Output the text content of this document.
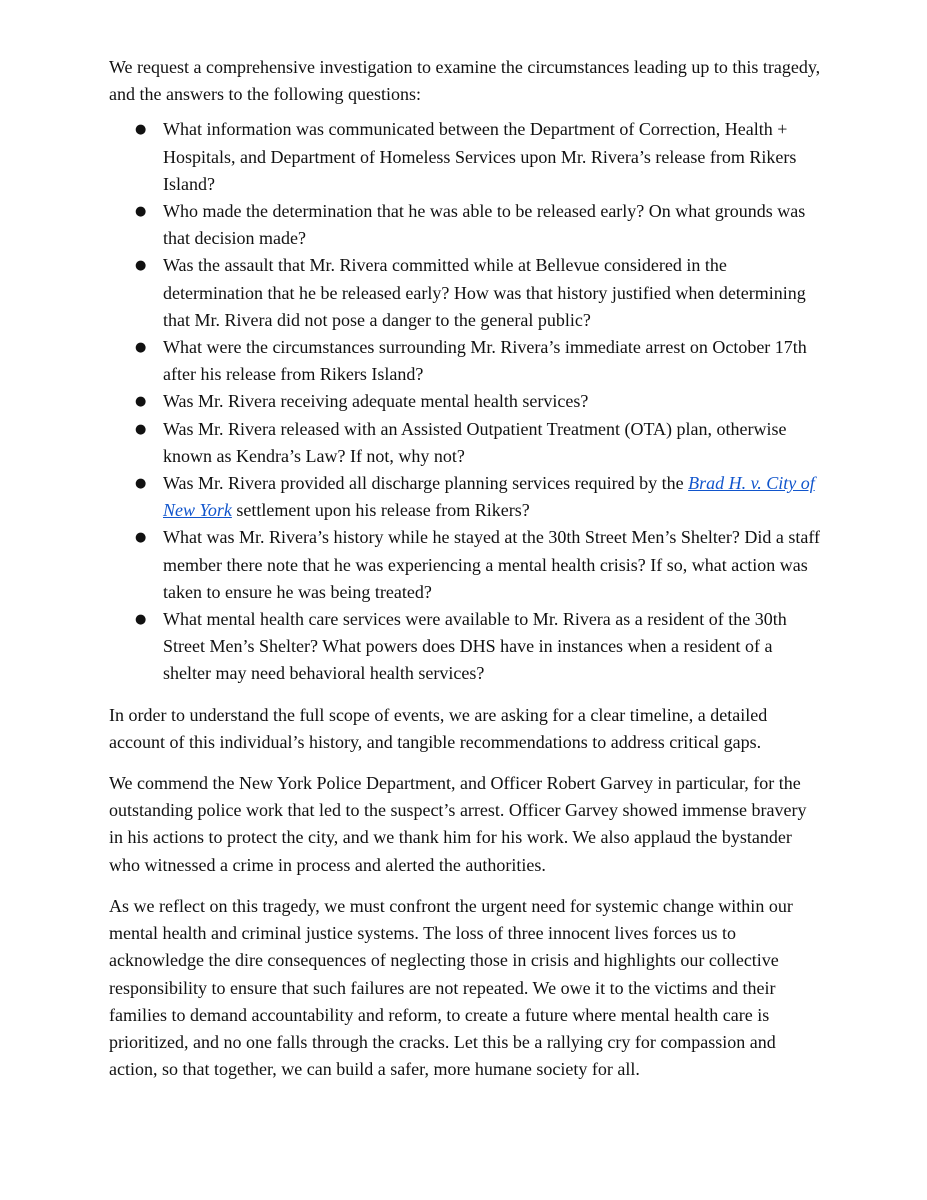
We request a comprehensive investigation to examine the circumstances leading up to this tragedy, and the answers to the following questions:

● What information was communicated between the Department of Correction, Health + Hospitals, and Department of Homeless Services upon Mr. Rivera’s release from Rikers Island?
● Who made the determination that he was able to be released early? On what grounds was that decision made?
● Was the assault that Mr. Rivera committed while at Bellevue considered in the determination that he be released early? How was that history justified when determining that Mr. Rivera did not pose a danger to the general public?
● What were the circumstances surrounding Mr. Rivera’s immediate arrest on October 17th after his release from Rikers Island?
● Was Mr. Rivera receiving adequate mental health services?
● Was Mr. Rivera released with an Assisted Outpatient Treatment (OTA) plan, otherwise known as Kendra’s Law? If not, why not?
● Was Mr. Rivera provided all discharge planning services required by the Brad H. v. City of New York settlement upon his release from Rikers?
● What was Mr. Rivera’s history while he stayed at the 30th Street Men’s Shelter? Did a staff member there note that he was experiencing a mental health crisis? If so, what action was taken to ensure he was being treated?
● What mental health care services were available to Mr. Rivera as a resident of the 30th Street Men’s Shelter? What powers does DHS have in instances when a resident of a shelter may need behavioral health services?

In order to understand the full scope of events, we are asking for a clear timeline, a detailed account of this individual’s history, and tangible recommendations to address critical gaps.

We commend the New York Police Department, and Officer Robert Garvey in particular, for the outstanding police work that led to the suspect’s arrest. Officer Garvey showed immense bravery in his actions to protect the city, and we thank him for his work. We also applaud the bystander who witnessed a crime in process and alerted the authorities.

As we reflect on this tragedy, we must confront the urgent need for systemic change within our mental health and criminal justice systems. The loss of three innocent lives forces us to acknowledge the dire consequences of neglecting those in crisis and highlights our collective responsibility to ensure that such failures are not repeated. We owe it to the victims and their families to demand accountability and reform, to create a future where mental health care is prioritized, and no one falls through the cracks. Let this be a rallying cry for compassion and action, so that together, we can build a safer, more humane society for all.
